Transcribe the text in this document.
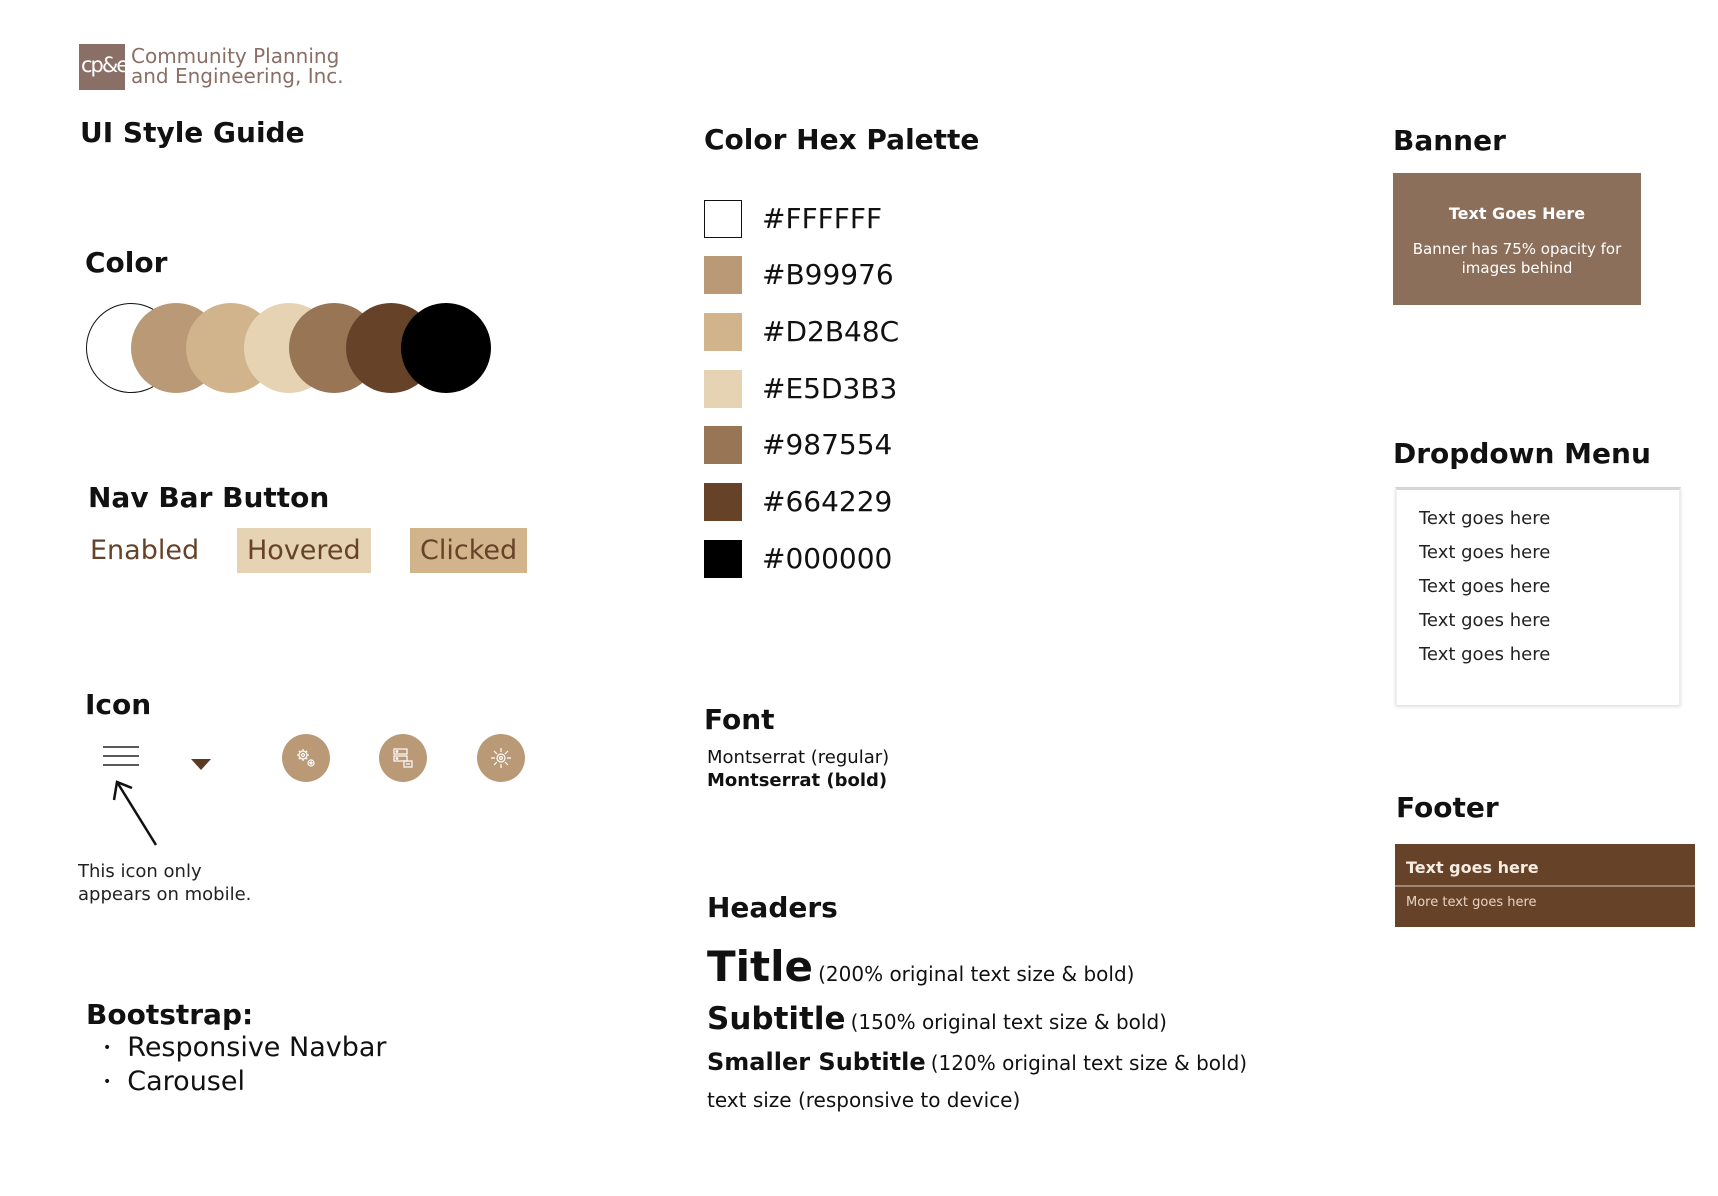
cp&e Community Planning
and Engineering, Inc.
UI Style Guide
Color
Nav Bar Button
Enabled	Hovered	Clicked
Icon
This icon only
appears on mobile.
Bootstrap:
• Responsive Navbar
• Carousel
Color Hex Palette
#FFFFFF
#B99976
#D2B48C
#E5D3B3
#987554
#664229
#000000
Font
Montserrat (regular)
Montserrat (bold)
Headers
Title (200% original text size & bold)
Subtitle (150% original text size & bold)
Smaller Subtitle (120% original text size & bold)
text size (responsive to device)
Banner
Text Goes Here
Banner has 75% opacity for images behind
Dropdown Menu
Text goes here
Text goes here
Text goes here
Text goes here
Text goes here
Footer
Text goes here
More text goes here
